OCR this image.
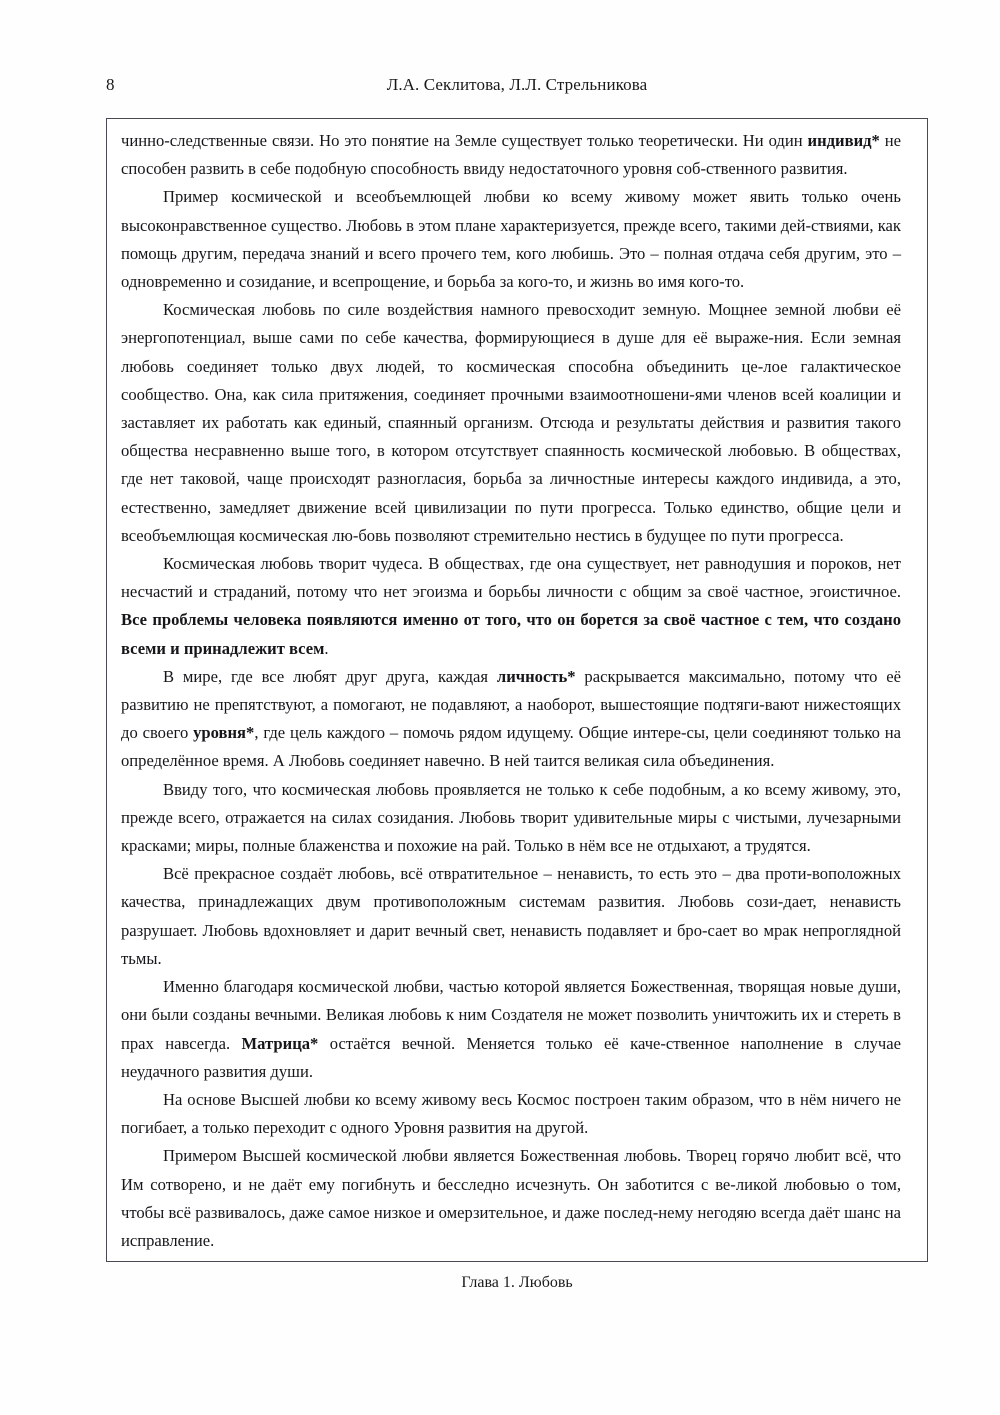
8	Л.А. Секлитова, Л.Л. Стрельникова

чинно-следственные связи. Но это понятие на Земле существует только теоретически. Ни один индивид* не способен развить в себе подобную способность ввиду недостаточного уровня соб-ственного развития.

Пример космической и всеобъемлющей любви ко всему живому может явить только очень высоконравственное существо. Любовь в этом плане характеризуется, прежде всего, такими дей-ствиями, как помощь другим, передача знаний и всего прочего тем, кого любишь. Это – полная отдача себя другим, это – одновременно и созидание, и всепрощение, и борьба за кого-то, и жизнь во имя кого-то.

Космическая любовь по силе воздействия намного превосходит земную. Мощнее земной любви её энергопотенциал, выше сами по себе качества, формирующиеся в душе для её выраже-ния. Если земная любовь соединяет только двух людей, то космическая способна объединить це-лое галактическое сообщество. Она, как сила притяжения, соединяет прочными взаимоотношени-ями членов всей коалиции и заставляет их работать как единый, спаянный организм. Отсюда и результаты действия и развития такого общества несравненно выше того, в котором отсутствует спаянность космической любовью. В обществах, где нет таковой, чаще происходят разногласия, борьба за личностные интересы каждого индивида, а это, естественно, замедляет движение всей цивилизации по пути прогресса. Только единство, общие цели и всеобъемлющая космическая лю-бовь позволяют стремительно нестись в будущее по пути прогресса.

Космическая любовь творит чудеса. В обществах, где она существует, нет равнодушия и пороков, нет несчастий и страданий, потому что нет эгоизма и борьбы личности с общим за своё частное, эгоистичное. Все проблемы человека появляются именно от того, что он борется за своё частное с тем, что создано всеми и принадлежит всем.

В мире, где все любят друг друга, каждая личность* раскрывается максимально, потому что её развитию не препятствуют, а помогают, не подавляют, а наоборот, вышестоящие подтяги-вают нижестоящих до своего уровня*, где цель каждого – помочь рядом идущему. Общие интере-сы, цели соединяют только на определённое время. А Любовь соединяет навечно. В ней таится великая сила объединения.

Ввиду того, что космическая любовь проявляется не только к себе подобным, а ко всему живому, это, прежде всего, отражается на силах созидания. Любовь творит удивительные миры с чистыми, лучезарными красками; миры, полные блаженства и похожие на рай. Только в нём все не отдыхают, а трудятся.

Всё прекрасное создаёт любовь, всё отвратительное – ненависть, то есть это – два проти-воположных качества, принадлежащих двум противоположным системам развития. Любовь сози-дает, ненависть разрушает. Любовь вдохновляет и дарит вечный свет, ненависть подавляет и бро-сает во мрак непроглядной тьмы.

Именно благодаря космической любви, частью которой является Божественная, творящая новые души, они были созданы вечными. Великая любовь к ним Создателя не может позволить уничтожить их и стереть в прах навсегда. Матрица* остаётся вечной. Меняется только её каче-ственное наполнение в случае неудачного развития души.

На основе Высшей любви ко всему живому весь Космос построен таким образом, что в нём ничего не погибает, а только переходит с одного Уровня развития на другой.

Примером Высшей космической любви является Божественная любовь. Творец горячо любит всё, что Им сотворено, и не даёт ему погибнуть и бесследно исчезнуть. Он заботится с ве-ликой любовью о том, чтобы всё развивалось, даже самое низкое и омерзительное, и даже послед-нему негодяю всегда даёт шанс на исправление.

Глава 1. Любовь
